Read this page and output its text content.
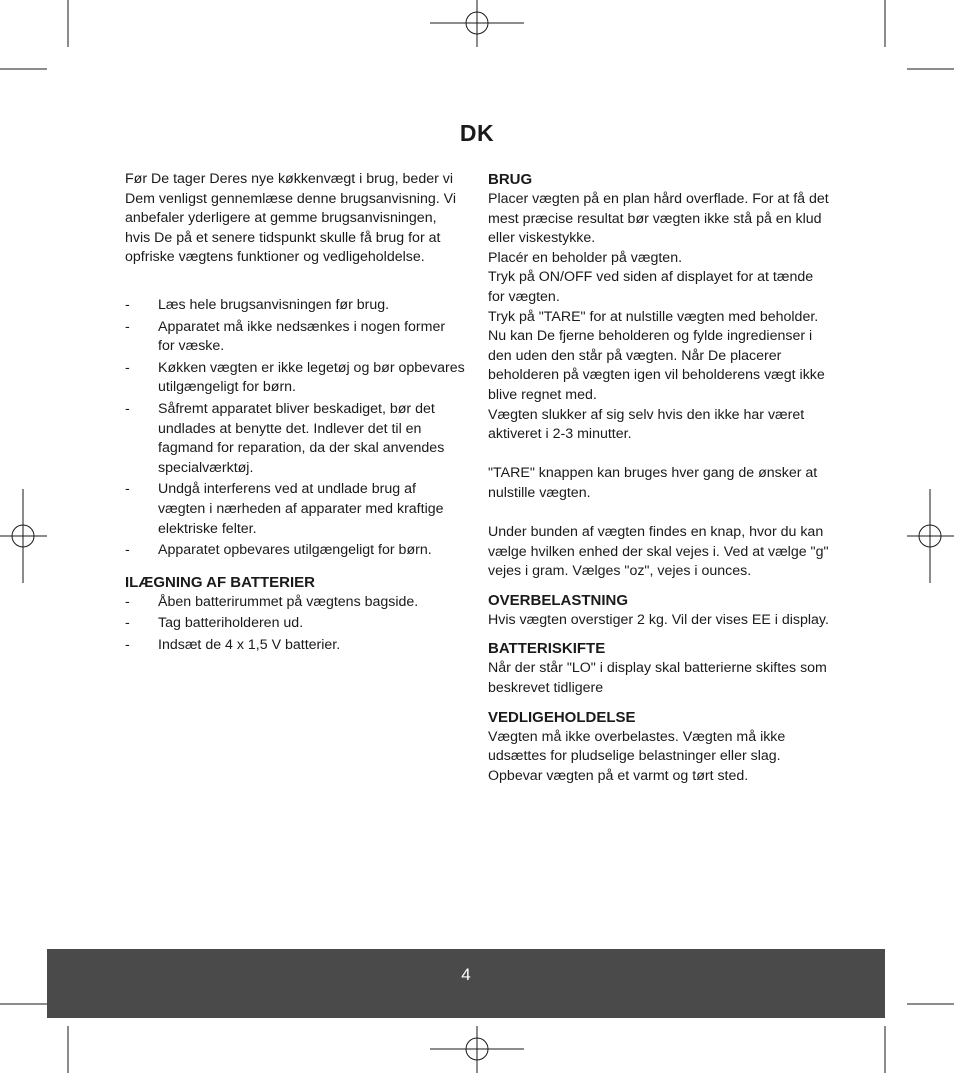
DK

Før De tager Deres nye køkkenvægt i brug, beder vi Dem venligst gennemlæse denne brugsanvisning. Vi anbefaler yderligere at gemme brugsanvisningen, hvis De på et senere tidspunkt skulle få brug for at opfriske vægtens funktioner og vedligeholdelse.

- Læs hele brugsanvisningen før brug.
- Apparatet må ikke nedsænkes i nogen former for væske.
- Køkken vægten er ikke legetøj og bør opbevares utilgængeligt for børn.
- Såfremt apparatet bliver beskadiget, bør det undlades at benytte det. Indlever det til en fagmand for reparation, da der skal anvendes specialværktøj.
- Undgå interferens ved at undlade brug af vægten i nærheden af apparater med kraftige elektriske felter.
- Apparatet opbevares utilgængeligt for børn.
ILÆGNING AF BATTERIER
- Åben batterirummet på vægtens bagside.
- Tag batteriholderen ud.
- Indsæt de 4 x 1,5 V batterier.
BRUG

Placer vægten på en plan hård overflade. For at få det mest præcise resultat bør vægten ikke stå på en klud eller viskestykke.
Placér en beholder på vægten.
Tryk på ON/OFF ved siden af displayet for at tænde for vægten.
Tryk på "TARE" for at nulstille vægten med beholder.
Nu kan De fjerne beholderen og fylde ingredienser i den uden den står på vægten. Når De placerer beholderen på vægten igen vil beholderens vægt ikke blive regnet med.
Vægten slukker af sig selv hvis den ikke har været aktiveret i 2-3 minutter.

"TARE" knappen kan bruges hver gang de ønsker at nulstille vægten.

Under bunden af vægten findes en knap, hvor du kan vælge hvilken enhed der skal vejes i. Ved at vælge "g" vejes i gram. Vælges "oz", vejes i ounces.

OVERBELASTNING

Hvis vægten overstiger 2 kg. Vil der vises EE i display.

BATTERISKIFTE

Når der står "LO" i display skal batterierne skiftes som beskrevet tidligere

VEDLIGEHOLDELSE

Vægten må ikke overbelastes. Vægten må ikke udsættes for pludselige belastninger eller slag.
Opbevar vægten på et varmt og tørt sted.

4
